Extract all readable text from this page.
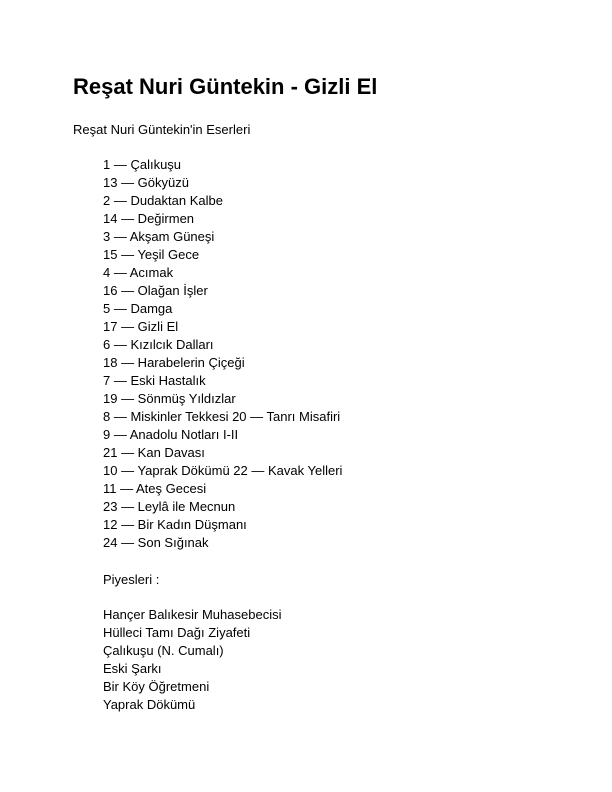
Reşat Nuri Güntekin - Gizli El

Reşat Nuri Güntekin'in Eserleri

1 — Çalıkuşu
13 — Gökyüzü
2 — Dudaktan Kalbe
14 — Değirmen
3 — Akşam Güneşi
15 — Yeşil Gece
4 — Acımak
16 — Olağan İşler
5 — Damga
17 — Gizli El
6 — Kızılcık Dalları
18 — Harabelerin Çiçeği
7 — Eski Hastalık
19 — Sönmüş Yıldızlar
8 — Miskinler Tekkesi 20 — Tanrı Misafiri
9 — Anadolu Notları I-II
21 — Kan Davası
10 — Yaprak Dökümü 22 — Kavak Yelleri
11 — Ateş Gecesi
23 — Leylâ ile Mecnun
12 — Bir Kadın Düşmanı
24 — Son Sığınak

Piyesleri :

Hançer Balıkesir Muhasebecisi
Hülleci Tamı Dağı Ziyafeti
Çalıkuşu (N. Cumalı)
Eski Şarkı
Bir Köy Öğretmeni
Yaprak Dökümü
